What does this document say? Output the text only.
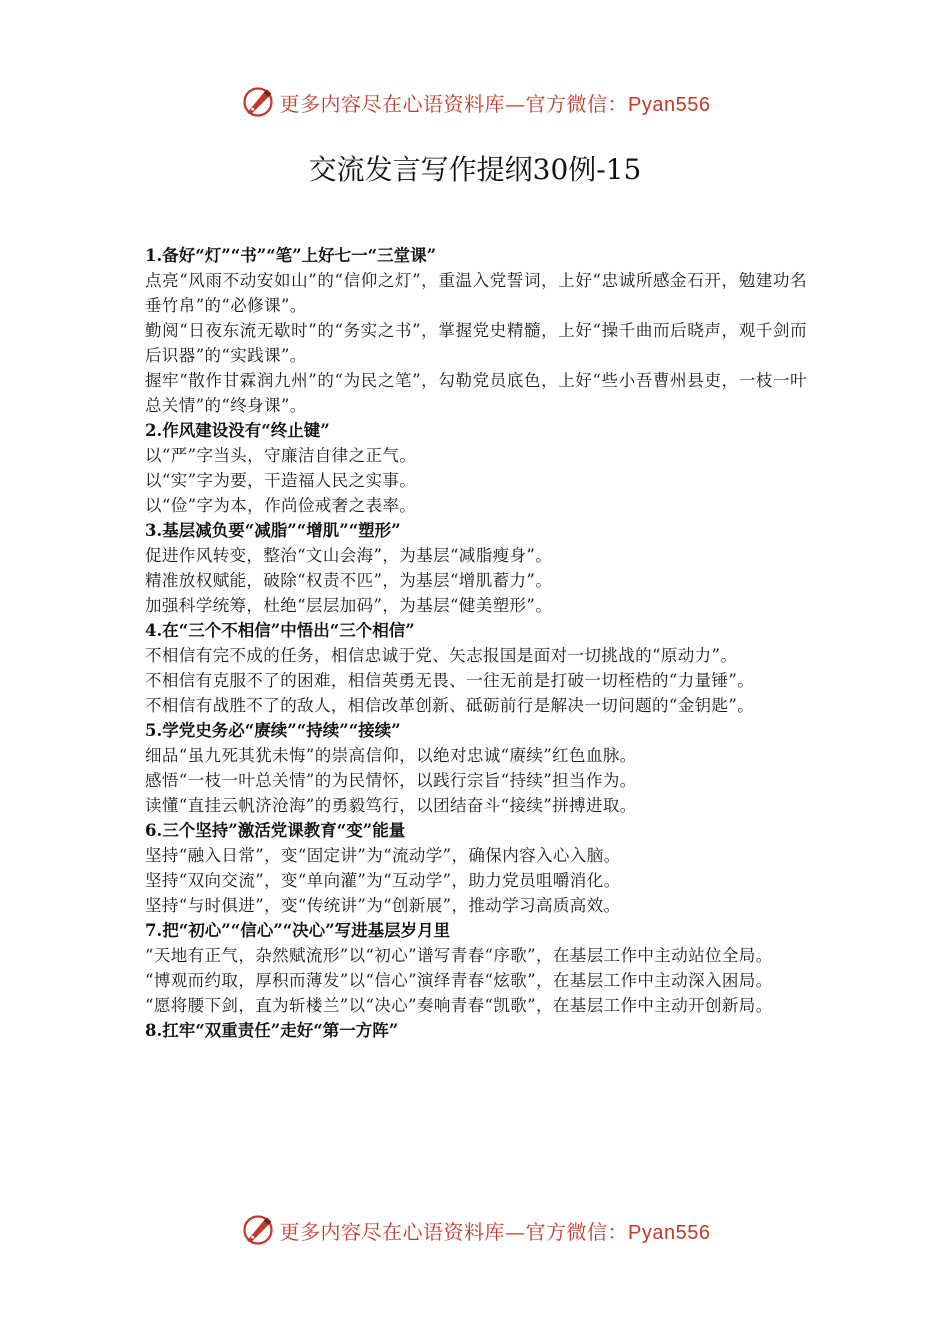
更多内容尽在心语资料库—官方微信：Pyan556
交流发言写作提纲30例-15

1.备好“灯”“书”“笔”上好七一“三堂课”

点亮“风雨不动安如山”的“信仰之灯”，重温入党誓词，上好“忠诚所感金石开，勉建功名垂竹帛”的“必修课”。

勤阅“日夜东流无歇时”的“务实之书”，掌握党史精髓，上好“操千曲而后晓声，观千剑而后识器”的“实践课”。

握牢“散作甘霖润九州”的“为民之笔”，勾勒党员底色，上好“些小吾曹州县吏，一枝一叶总关情”的“终身课”。

2.作风建设没有“终止键”

以“严”字当头，守廉洁自律之正气。

以“实”字为要，干造福人民之实事。

以“俭”字为本，作尚俭戒奢之表率。

3.基层减负要“减脂”“增肌”“塑形”

促进作风转变，整治“文山会海”，为基层“减脂瘦身”。

精准放权赋能，破除“权责不匹”，为基层“增肌蓄力”。

加强科学统筹，杜绝“层层加码”，为基层“健美塑形”。

4.在“三个不相信”中悟出“三个相信”

不相信有完不成的任务，相信忠诚于党、矢志报国是面对一切挑战的“原动力”。

不相信有克服不了的困难，相信英勇无畏、一往无前是打破一切桎梏的“力量锤”。

不相信有战胜不了的敌人，相信改革创新、砥砺前行是解决一切问题的“金钥匙”。

5.学党史务必“赓续”“持续”“接续”

细品“虽九死其犹未悔”的崇高信仰，以绝对忠诚“赓续”红色血脉。

感悟“一枝一叶总关情”的为民情怀，以践行宗旨“持续”担当作为。

读懂“直挂云帆济沧海”的勇毅笃行，以团结奋斗“接续”拼搏进取。

6.三个坚持”激活党课教育“变”能量

坚持“融入日常”，变“固定讲”为“流动学”，确保内容入心入脑。

坚持“双向交流”，变“单向灌”为“互动学”，助力党员咀嚼消化。

坚持“与时俱进”，变“传统讲”为“创新展”，推动学习高质高效。

7.把“初心”“信心”“决心”写进基层岁月里

“天地有正气，杂然赋流形”以“初心”谱写青春“序歌”，在基层工作中主动站位全局。

“博观而约取，厚积而薄发”以“信心”演绎青春“炫歌”，在基层工作中主动深入困局。

“愿将腰下剑，直为斩楼兰”以“决心”奏响青春“凯歌”，在基层工作中主动开创新局。

8.扛牢“双重责任”走好“第一方阵”

更多内容尽在心语资料库—官方微信：Pyan556
